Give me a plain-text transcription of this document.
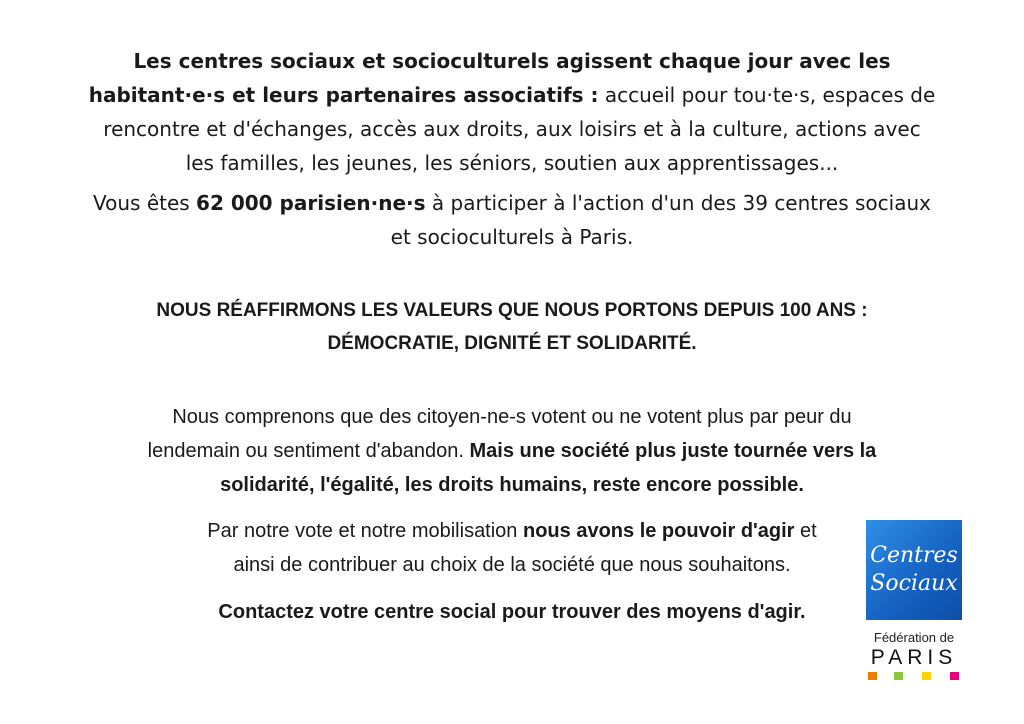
Les centres sociaux et socioculturels agissent chaque jour avec les
habitant·e·s et leurs partenaires associatifs : accueil pour tou·te·s, espaces de
rencontre et d'échanges, accès aux droits, aux loisirs et à la culture, actions avec
les familles, les jeunes, les séniors, soutien aux apprentissages...
Vous êtes 62 000 parisien·ne·s à participer à l'action d'un des 39 centres sociaux
et socioculturels à Paris.
NOUS RÉAFFIRMONS LES VALEURS QUE NOUS PORTONS DEPUIS 100 ANS :
DÉMOCRATIE, DIGNITÉ ET SOLIDARITÉ.
Nous comprenons que des citoyen-ne-s votent ou ne votent plus par peur du
lendemain ou sentiment d'abandon. Mais une société plus juste tournée vers la
solidarité, l'égalité, les droits humains, reste encore possible.
Par notre vote et notre mobilisation nous avons le pouvoir d'agir et
ainsi de contribuer au choix de la société que nous souhaitons.
Contactez votre centre social pour trouver des moyens d'agir.
Centres
Sociaux
Fédération de
PARIS
